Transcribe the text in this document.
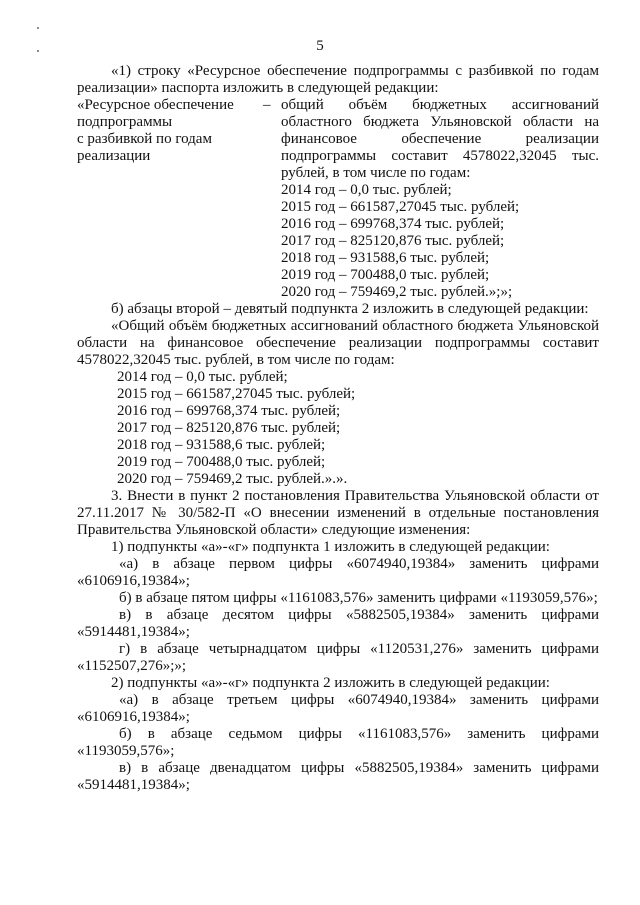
5

«1) строку «Ресурсное обеспечение подпрограммы с разбивкой по годам реализации» паспорта изложить в следующей редакции:

«Ресурсное обеспечение
подпрограммы
с разбивкой по годам
реализации
– общий объём бюджетных ассигнований областного бюджета Ульяновской области на финансовое обеспечение реализации подпрограммы составит 4578022,32045 тыс. рублей, в том числе по годам:

2014 год – 0,0 тыс. рублей;
2015 год – 661587,27045 тыс. рублей;
2016 год – 699768,374 тыс. рублей;
2017 год – 825120,876 тыс. рублей;
2018 год – 931588,6 тыс. рублей;
2019 год – 700488,0 тыс. рублей;
2020 год – 759469,2 тыс. рублей.»;»;

б) абзацы второй – девятый подпункта 2 изложить в следующей редакции:

«Общий объём бюджетных ассигнований областного бюджета Ульяновской области на финансовое обеспечение реализации подпрограммы составит 4578022,32045 тыс. рублей, в том числе по годам:

2014 год – 0,0 тыс. рублей;
2015 год – 661587,27045 тыс. рублей;
2016 год – 699768,374 тыс. рублей;
2017 год – 825120,876 тыс. рублей;
2018 год – 931588,6 тыс. рублей;
2019 год – 700488,0 тыс. рублей;
2020 год – 759469,2 тыс. рублей.».».

3. Внести в пункт 2 постановления Правительства Ульяновской области от 27.11.2017 № 30/582-П «О внесении изменений в отдельные постановления Правительства Ульяновской области» следующие изменения:

1) подпункты «а»-«г» подпункта 1 изложить в следующей редакции:

«а) в абзаце первом цифры «6074940,19384» заменить цифрами «6106916,19384»;

б) в абзаце пятом цифры «1161083,576» заменить цифрами «1193059,576»;

в) в абзаце десятом цифры «5882505,19384» заменить цифрами «5914481,19384»;

г) в абзаце четырнадцатом цифры «1120531,276» заменить цифрами «1152507,276»;»;

2) подпункты «а»-«г» подпункта 2 изложить в следующей редакции:

«а) в абзаце третьем цифры «6074940,19384» заменить цифрами «6106916,19384»;

б) в абзаце седьмом цифры «1161083,576» заменить цифрами «1193059,576»;

в) в абзаце двенадцатом цифры «5882505,19384» заменить цифрами «5914481,19384»;
